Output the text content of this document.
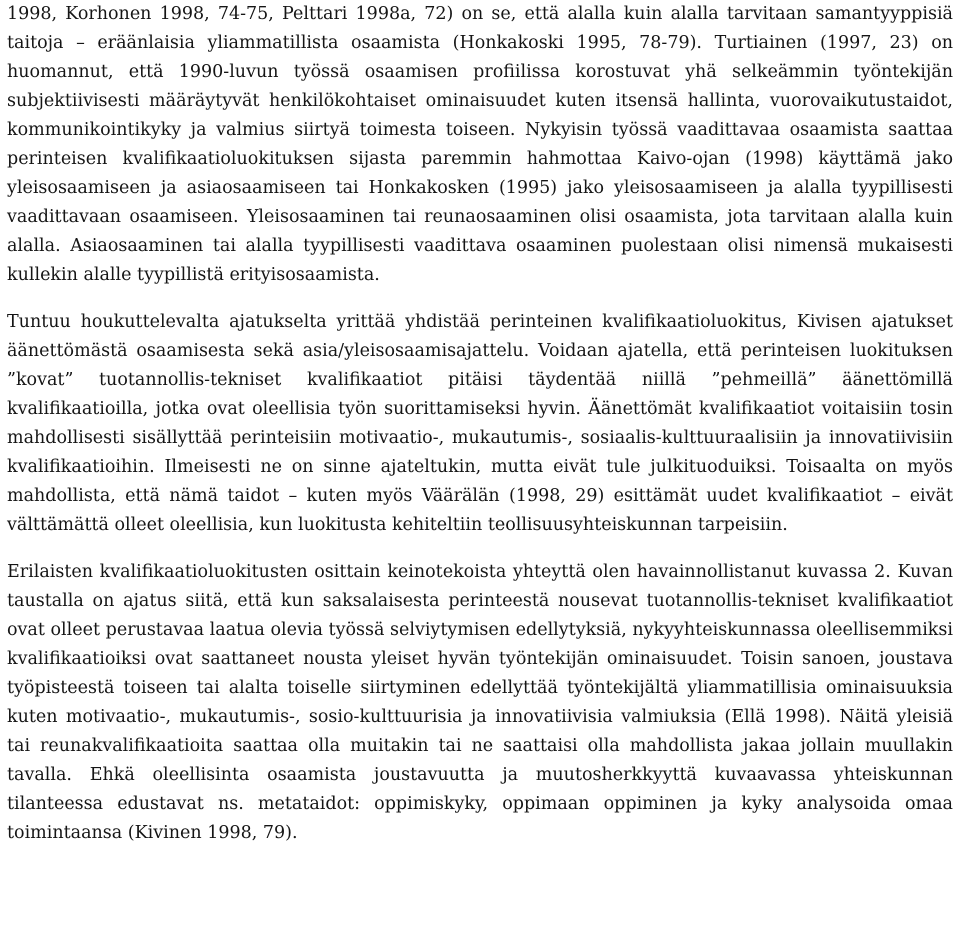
1998, Korhonen 1998, 74-75, Pelttari 1998a, 72) on se, että alalla kuin alalla tarvitaan samantyyppisiä taitoja – eräänlaisia yliammatillista osaamista (Honkakoski 1995, 78-79). Turtiainen (1997, 23) on huomannut, että 1990-luvun työssä osaamisen profiilissa korostuvat yhä selkeämmin työntekijän subjektiivisesti määräytyvät henkilökohtaiset ominaisuudet kuten itsensä hallinta, vuorovaikutustaidot, kommunikointikyky ja valmius siirtyä toimesta toiseen. Nykyisin työssä vaadittavaa osaamista saattaa perinteisen kvalifikaatioluokituksen sijasta paremmin hahmottaa Kaivo-ojan (1998) käyttämä jako yleisosaamiseen ja asiaosaamiseen tai Honkakosken (1995) jako yleisosaamiseen ja alalla tyypillisesti vaadittavaan osaamiseen. Yleisosaaminen tai reunaosaaminen olisi osaamista, jota tarvitaan alalla kuin alalla. Asiaosaaminen tai alalla tyypillisesti vaadittava osaaminen puolestaan olisi nimensä mukaisesti kullekin alalle tyypillistä erityisosaamista.

Tuntuu houkuttelevalta ajatukselta yrittää yhdistää perinteinen kvalifikaatioluokitus, Kivisen ajatukset äänettömästä osaamisesta sekä asia/yleisosaamisajattelu. Voidaan ajatella, että perinteisen luokituksen ”kovat” tuotannollis-tekniset kvalifikaatiot pitäisi täydentää niillä ”pehmeillä” äänettömillä kvalifikaatioilla, jotka ovat oleellisia työn suorittamiseksi hyvin. Äänettömät kvalifikaatiot voitaisiin tosin mahdollisesti sisällyttää perinteisiin motivaatio-, mukautumis-, sosiaalis-kulttuuraalisiin ja innovatiivisiin kvalifikaatioihin. Ilmeisesti ne on sinne ajateltukin, mutta eivät tule julkituoduiksi. Toisaalta on myös mahdollista, että nämä taidot – kuten myös Väärälän (1998, 29) esittämät uudet kvalifikaatiot – eivät välttämättä olleet oleellisia, kun luokitusta kehiteltiin teollisuusyhteiskunnan tarpeisiin.

Erilaisten kvalifikaatioluokitusten osittain keinotekoista yhteyttä olen havainnollistanut kuvassa 2. Kuvan taustalla on ajatus siitä, että kun saksalaisesta perinteestä nousevat tuotannollis-tekniset kvalifikaatiot ovat olleet perustavaa laatua olevia työssä selviytymisen edellytyksiä, nykyyhteiskunnassa oleellisemmiksi kvalifikaatioiksi ovat saattaneet nousta yleiset hyvän työntekijän ominaisuudet. Toisin sanoen, joustava työpisteestä toiseen tai alalta toiselle siirtyminen edellyttää työntekijältä yliammatillisia ominaisuuksia kuten motivaatio-, mukautumis-, sosio-kulttuurisia ja innovatiivisia valmiuksia (Ellä 1998). Näitä yleisiä tai reunakvalifikaatioita saattaa olla muitakin tai ne saattaisi olla mahdollista jakaa jollain muullakin tavalla. Ehkä oleellisinta osaamista joustavuutta ja muutosherkkyyttä kuvaavassa yhteiskunnan tilanteessa edustavat ns. metataidot: oppimiskyky, oppimaan oppiminen ja kyky analysoida omaa toimintaansa (Kivinen 1998, 79).
